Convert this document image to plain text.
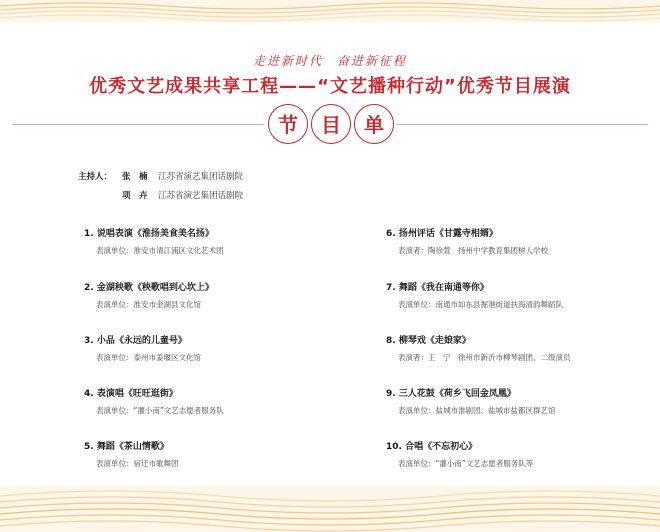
走进新时代　奋进新征程
优秀文艺成果共享工程——“文艺播种行动”优秀节目展演
节	目	单
主持人： 张　楠 江苏省演艺集团话剧院
项　卉 江苏省演艺集团话剧院
1. 说唱表演《淮扬美食美名扬》
表演单位：淮安市清江浦区文化艺术团
2. 金湖秧歌《秧歌唱到心坎上》
表演单位：淮安市金湖县文化馆
3. 小品《永远的儿童号》
表演单位：泰州市姜堰区文化馆
4. 表演唱《旺旺逛街》
表演单位：“灌小南”文艺志愿者服务队
5. 舞蹈《茶山情歌》
表演单位：宿迁市歌舞团
6. 扬州评话《甘露寺相婿》
表演者：陶徐萱　扬州中学教育集团树人学校
7. 舞蹈《我在南通等你》
表演单位：南通市如东县掘港街道扶海清韵舞蹈队
8. 柳琴戏《走娘家》
表演者：王　宁　徐州市新沂市柳琴剧团、二级演员
9. 三人花鼓《荷乡飞回金凤凰》
表演单位：盐城市淮剧团、盐城市盐都区群艺馆
10. 合唱《不忘初心》
表演单位：“灌小南”文艺志愿者服务队等
